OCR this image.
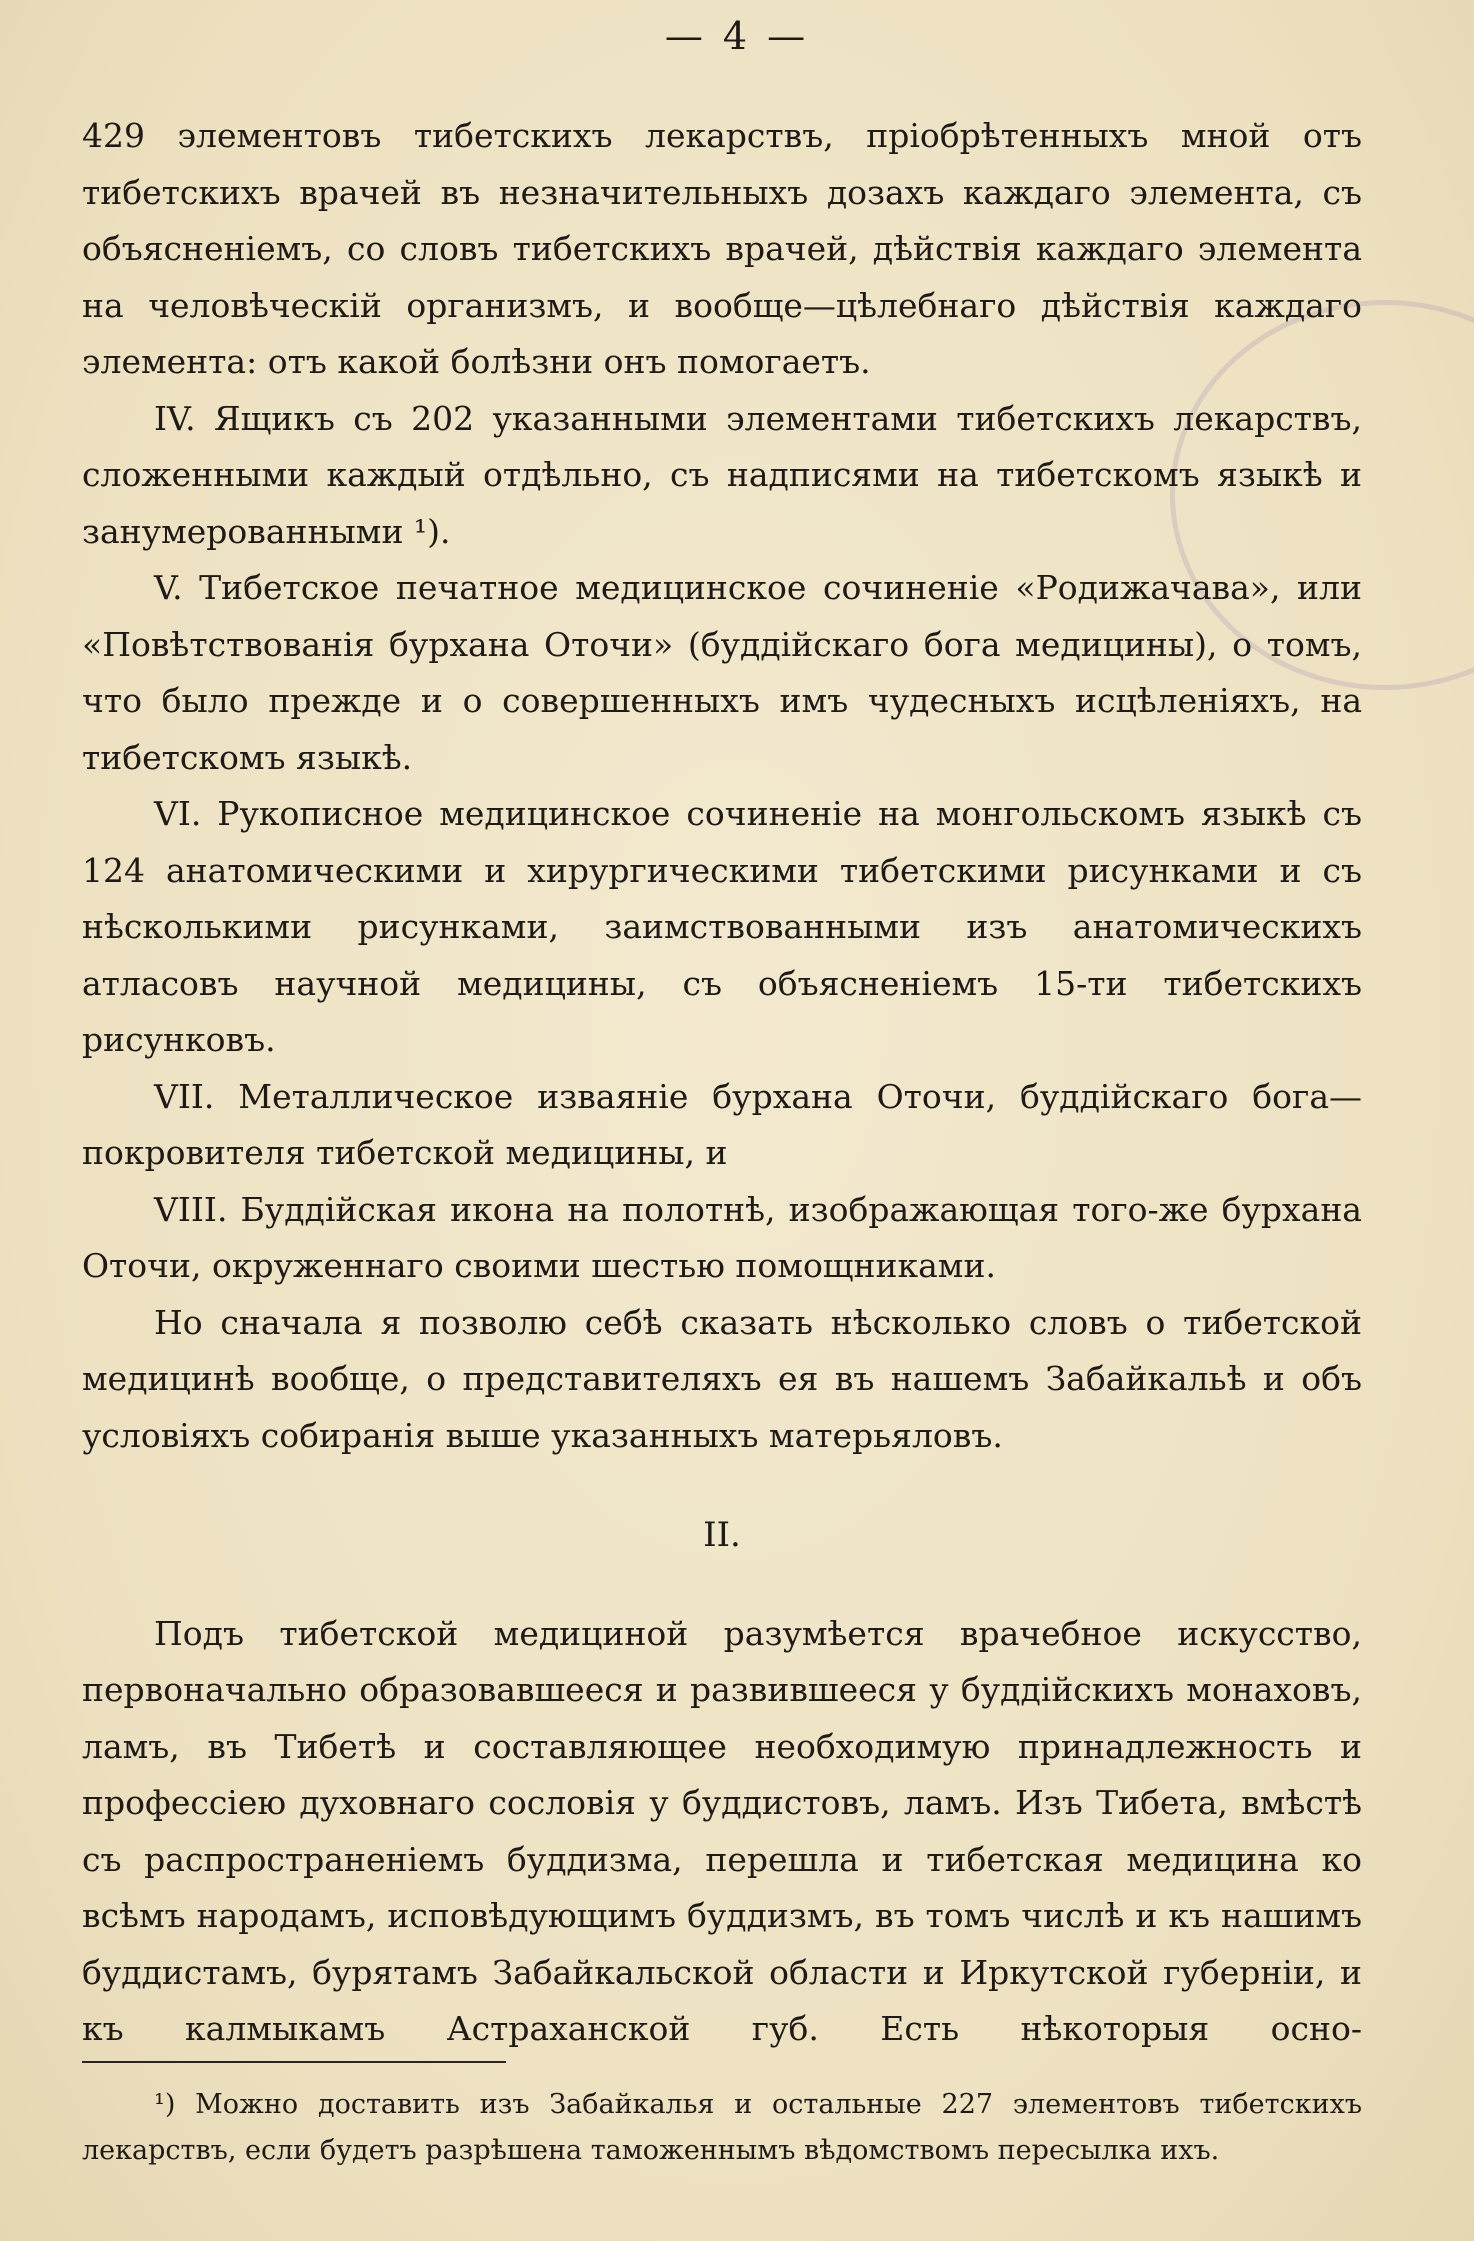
— 4 —

429 элементовъ тибетскихъ лекарствъ, пріобрѣтенныхъ мной отъ тибетскихъ врачей въ незначительныхъ дозахъ каждаго элемента, съ объясненіемъ, со словъ тибетскихъ врачей, дѣйствія каждаго элемента на человѣческій организмъ, и вообще—цѣлебнаго дѣйствія каждаго элемента: отъ какой болѣзни онъ помогаетъ.

IV. Ящикъ съ 202 указанными элементами тибетскихъ лекарствъ, сложенными каждый отдѣльно, съ надписями на тибетскомъ языкѣ и занумерованными ¹).

V. Тибетское печатное медицинское сочиненіе «Родижачава», или «Повѣтствованія бурхана Оточи» (буддійскаго бога медицины), о томъ, что было прежде и о совершенныхъ имъ чудесныхъ исцѣленіяхъ, на тибетскомъ языкѣ.

VI. Рукописное медицинское сочиненіе на монгольскомъ языкѣ съ 124 анатомическими и хирургическими тибетскими рисунками и съ нѣсколькими рисунками, заимствованными изъ анатомическихъ атласовъ научной медицины, съ объясненіемъ 15-ти тибетскихъ рисунковъ.

VII. Металлическое изваяніе бурхана Оточи, буддійскаго бога—покровителя тибетской медицины, и

VIII. Буддійская икона на полотнѣ, изображающая того-же бурхана Оточи, окруженнаго своими шестью помощниками.

Но сначала я позволю себѣ сказать нѣсколько словъ о тибетской медицинѣ вообще, о представителяхъ ея въ нашемъ Забайкальѣ и объ условіяхъ собиранія выше указанныхъ матерьяловъ.

II.

Подъ тибетской медициной разумѣется врачебное искусство, первоначально образовавшееся и развившееся у буддійскихъ монаховъ, ламъ, въ Тибетѣ и составляющее необходимую принадлежность и профессіею духовнаго сословія у буддистовъ, ламъ. Изъ Тибета, вмѣстѣ съ распространеніемъ буддизма, перешла и тибетская медицина ко всѣмъ народамъ, исповѣдующимъ буддизмъ, въ томъ числѣ и къ нашимъ буддистамъ, бурятамъ Забайкальской области и Иркутской губерніи, и къ калмыкамъ Астраханской губ. Есть нѣкоторыя осно-

¹) Можно доставить изъ Забайкалья и остальные 227 элементовъ тибетскихъ лекарствъ, если будетъ разрѣшена таможеннымъ вѣдомствомъ пересылка ихъ.
